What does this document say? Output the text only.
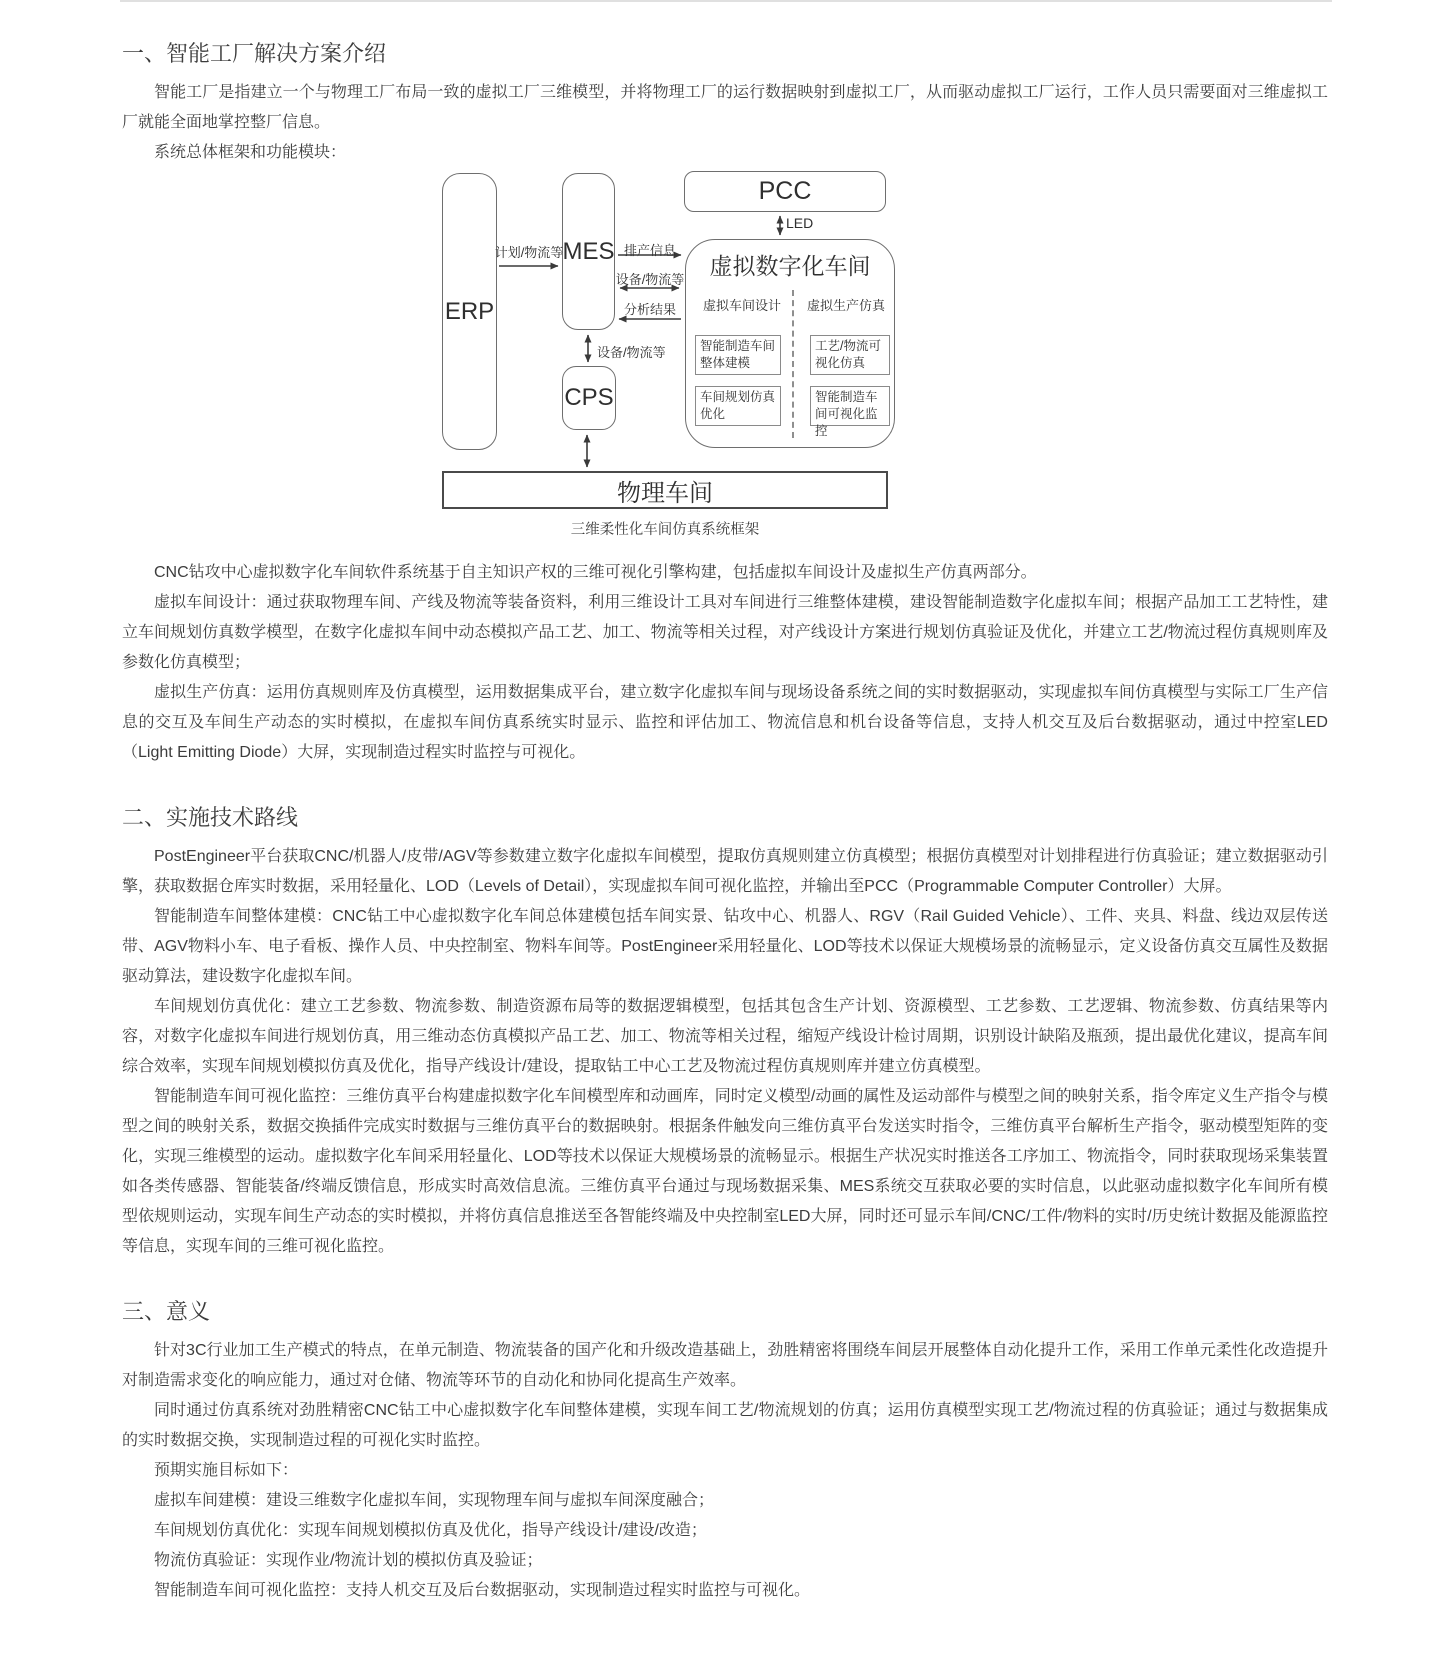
一、智能工厂解决方案介绍

智能工厂是指建立一个与物理工厂布局一致的虚拟工厂三维模型，并将物理工厂的运行数据映射到虚拟工厂，从而驱动虚拟工厂运行，工作人员只需要面对三维虚拟工厂就能全面地掌控整厂信息。

系统总体框架和功能模块：

ERP
MES
PCC
CPS
物理车间
虚拟数字化车间
虚拟车间设计	虚拟生产仿真
智能制造车间整体建模
车间规划仿真优化
工艺/物流可视化仿真
智能制造车间可视化监控
计划/物流等	排产信息
设备/物流等
分析结果
设备/物流等
LED
三维柔性化车间仿真系统框架

CNC钻攻中心虚拟数字化车间软件系统基于自主知识产权的三维可视化引擎构建，包括虚拟车间设计及虚拟生产仿真两部分。

虚拟车间设计：通过获取物理车间、产线及物流等装备资料，利用三维设计工具对车间进行三维整体建模，建设智能制造数字化虚拟车间；根据产品加工工艺特性，建立车间规划仿真数学模型，在数字化虚拟车间中动态模拟产品工艺、加工、物流等相关过程，对产线设计方案进行规划仿真验证及优化，并建立工艺/物流过程仿真规则库及参数化仿真模型；

虚拟生产仿真：运用仿真规则库及仿真模型，运用数据集成平台，建立数字化虚拟车间与现场设备系统之间的实时数据驱动，实现虚拟车间仿真模型与实际工厂生产信息的交互及车间生产动态的实时模拟，在虚拟车间仿真系统实时显示、监控和评估加工、物流信息和机台设备等信息，支持人机交互及后台数据驱动，通过中控室LED（Light Emitting Diode）大屏，实现制造过程实时监控与可视化。

二、实施技术路线

PostEngineer平台获取CNC/机器人/皮带/AGV等参数建立数字化虚拟车间模型，提取仿真规则建立仿真模型；根据仿真模型对计划排程进行仿真验证；建立数据驱动引擎，获取数据仓库实时数据，采用轻量化、LOD（Levels of Detail），实现虚拟车间可视化监控，并输出至PCC（Programmable Computer Controller）大屏。

智能制造车间整体建模：CNC钻工中心虚拟数字化车间总体建模包括车间实景、钻攻中心、机器人、RGV（Rail Guided Vehicle）、工件、夹具、料盘、线边双层传送带、AGV物料小车、电子看板、操作人员、中央控制室、物料车间等。PostEngineer采用轻量化、LOD等技术以保证大规模场景的流畅显示，定义设备仿真交互属性及数据驱动算法，建设数字化虚拟车间。

车间规划仿真优化：建立工艺参数、物流参数、制造资源布局等的数据逻辑模型，包括其包含生产计划、资源模型、工艺参数、工艺逻辑、物流参数、仿真结果等内容，对数字化虚拟车间进行规划仿真，用三维动态仿真模拟产品工艺、加工、物流等相关过程，缩短产线设计检讨周期，识别设计缺陷及瓶颈，提出最优化建议，提高车间综合效率，实现车间规划模拟仿真及优化，指导产线设计/建设，提取钻工中心工艺及物流过程仿真规则库并建立仿真模型。

智能制造车间可视化监控：三维仿真平台构建虚拟数字化车间模型库和动画库，同时定义模型/动画的属性及运动部件与模型之间的映射关系，指令库定义生产指令与模型之间的映射关系，数据交换插件完成实时数据与三维仿真平台的数据映射。根据条件触发向三维仿真平台发送实时指令，三维仿真平台解析生产指令，驱动模型矩阵的变化，实现三维模型的运动。虚拟数字化车间采用轻量化、LOD等技术以保证大规模场景的流畅显示。根据生产状况实时推送各工序加工、物流指令，同时获取现场采集装置如各类传感器、智能装备/终端反馈信息，形成实时高效信息流。三维仿真平台通过与现场数据采集、MES系统交互获取必要的实时信息，以此驱动虚拟数字化车间所有模型依规则运动，实现车间生产动态的实时模拟，并将仿真信息推送至各智能终端及中央控制室LED大屏，同时还可显示车间/CNC/工件/物料的实时/历史统计数据及能源监控等信息，实现车间的三维可视化监控。

三、意义

针对3C行业加工生产模式的特点，在单元制造、物流装备的国产化和升级改造基础上，劲胜精密将围绕车间层开展整体自动化提升工作，采用工作单元柔性化改造提升对制造需求变化的响应能力，通过对仓储、物流等环节的自动化和协同化提高生产效率。

同时通过仿真系统对劲胜精密CNC钻工中心虚拟数字化车间整体建模，实现车间工艺/物流规划的仿真；运用仿真模型实现工艺/物流过程的仿真验证；通过与数据集成的实时数据交换，实现制造过程的可视化实时监控。

预期实施目标如下：

虚拟车间建模：建设三维数字化虚拟车间，实现物理车间与虚拟车间深度融合；

车间规划仿真优化：实现车间规划模拟仿真及优化，指导产线设计/建设/改造；

物流仿真验证：实现作业/物流计划的模拟仿真及验证；

智能制造车间可视化监控：支持人机交互及后台数据驱动，实现制造过程实时监控与可视化。
